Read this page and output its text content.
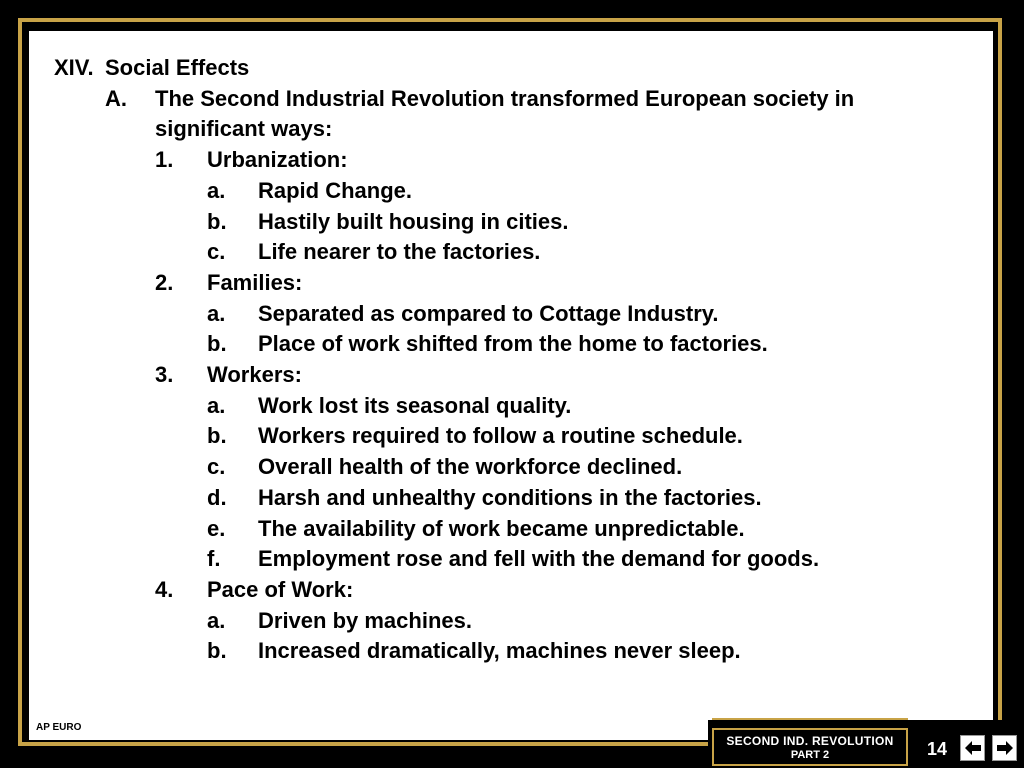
XIV. Social Effects
A. The Second Industrial Revolution transformed European society in
significant ways:
1. Urbanization:
a. Rapid Change.
b. Hastily built housing in cities.
c. Life nearer to the factories.
2. Families:
a. Separated as compared to Cottage Industry.
b. Place of work shifted from the home to factories.
3. Workers:
a. Work lost its seasonal quality.
b. Workers required to follow a routine schedule.
c. Overall health of the workforce declined.
d. Harsh and unhealthy conditions in the factories.
e. The availability of work became unpredictable.
f. Employment rose and fell with the demand for goods.
4. Pace of Work:
a. Driven by machines.
b. Increased dramatically, machines never sleep.
AP EURO
SECOND IND. REVOLUTION
PART 2	14
